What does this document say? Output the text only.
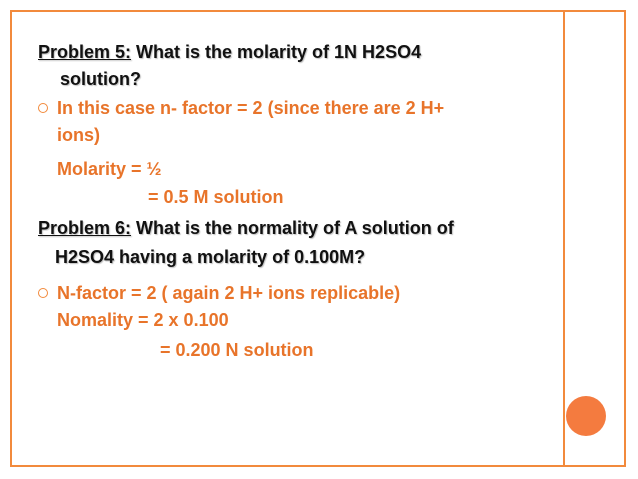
Problem 5: What is the molarity of 1N H2SO4
solution?
In this case n- factor = 2 (since there are 2 H+
ions)
Molarity = ½
= 0.5 M solution
Problem 6: What is the normality of A solution of
H2SO4 having a molarity of 0.100M?
N-factor = 2 ( again 2 H+ ions replicable)
Nomality = 2 x 0.100
= 0.200 N solution
